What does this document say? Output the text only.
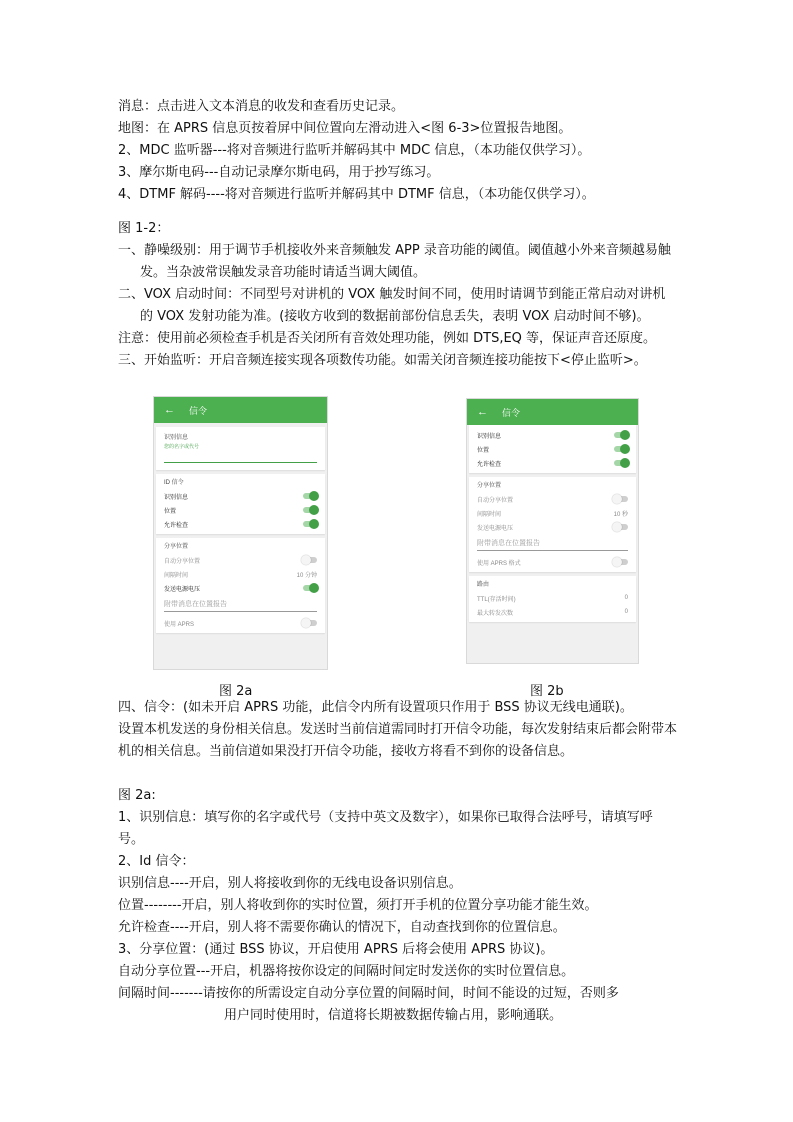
消息：点击进入文本消息的收发和查看历史记录。
地图：在 APRS 信息页按着屏中间位置向左滑动进入<图 6-3>位置报告地图。
2、MDC 监听器---将对音频进行监听并解码其中 MDC 信息，（本功能仅供学习）。
3、摩尔斯电码---自动记录摩尔斯电码，用于抄写练习。
4、DTMF 解码----将对音频进行监听并解码其中 DTMF 信息，（本功能仅供学习）。
图 1-2：
一、静噪级别：用于调节手机接收外来音频触发 APP 录音功能的阈值。阈值越小外来音频越易触发。当杂波常误触发录音功能时请适当调大阈值。
二、VOX 启动时间：不同型号对讲机的 VOX 触发时间不同，使用时请调节到能正常启动对讲机的 VOX 发射功能为准。(接收方收到的数据前部份信息丢失，表明 VOX 启动时间不够)。
注意：使用前必须检查手机是否关闭所有音效处理功能，例如 DTS,EQ 等，保证声音还原度。
三、开始监听：开启音频连接实现各项数传功能。如需关闭音频连接功能按下<停止监听>。
← 信令
识别信息
您的名字或代号
ID 信令
识别信息
位置
允许检查
分享位置
自动分享位置
间隔时间	10 分钟
发送电源电压
附带消息在位置报告
使用 APRS
图 2a
← 信令
识别信息
位置
允许检查
分享位置
自动分享位置
间隔时间	10 秒
发送电源电压
附带消息在位置报告
使用 APRS 格式
路由
TTL(存活时间)	0
最大转发次数	0
图 2b
四、信令：(如未开启 APRS 功能，此信令内所有设置项只作用于 BSS 协议无线电通联)。
设置本机发送的身份相关信息。发送时当前信道需同时打开信令功能，每次发射结束后都会附带本机的相关信息。当前信道如果没打开信令功能，接收方将看不到你的设备信息。
图 2a:
1、识别信息：填写你的名字或代号（支持中英文及数字），如果你已取得合法呼号，请填写呼号。
2、Id 信令：
识别信息----开启，别人将接收到你的无线电设备识别信息。
位置--------开启，别人将收到你的实时位置，须打开手机的位置分享功能才能生效。
允许检查----开启，别人将不需要你确认的情况下，自动查找到你的位置信息。
3、分享位置：(通过 BSS 协议，开启使用 APRS 后将会使用 APRS 协议)。
自动分享位置---开启，机器将按你设定的间隔时间定时发送你的实时位置信息。
间隔时间-------请按你的所需设定自动分享位置的间隔时间，时间不能设的过短，否则多
用户同时使用时，信道将长期被数据传输占用，影响通联。
